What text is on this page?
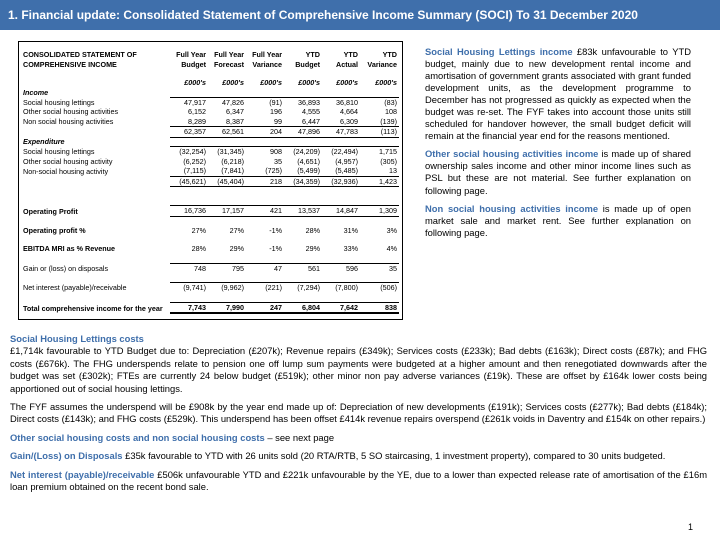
1. Financial update: Consolidated Statement of Comprehensive Income Summary (SOCI) To 31 December 2020
CONSOLIDATED STATEMENT OF	Full Year	Full Year	Full Year	YTD	YTD	YTD
COMPREHENSIVE INCOME	Budget	Forecast	Variance	Budget	Actual	Variance

	£000's	£000's	£000's	£000's	£000's	£000's
Income						
Social housing lettings	47,917	47,826	(91)	36,893	36,810	(83)
Other social housing activities	6,152	6,347	196	4,555	4,664	108
Non social housing activities	8,289	8,387	99	6,447	6,309	(139)
	62,357	62,561	204	47,896	47,783	(113)
Expenditure						
Social housing lettings	(32,254)	(31,345)	908	(24,209)	(22,494)	1,715
Other social housing activity	(6,252)	(6,218)	35	(4,651)	(4,957)	(305)
Non-social housing activity	(7,115)	(7,841)	(725)	(5,499)	(5,485)	13
	(45,621)	(45,404)	218	(34,359)	(32,936)	1,423

Operating Profit	16,736	17,157	421	13,537	14,847	1,309

Operating profit %	27%	27%	-1%	28%	31%	3%

EBITDA MRI as % Revenue	28%	29%	-1%	29%	33%	4%

Gain or (loss) on disposals	748	795	47	561	596	35

Net interest (payable)/receivable	(9,741)	(9,962)	(221)	(7,294)	(7,800)	(506)

Total comprehensive income for the year	7,743	7,990	247	6,804	7,642	838

Social Housing Lettings income £83k unfavourable to YTD budget, mainly due to new development rental income and amortisation of government grants associated with grant funded development units, as the development programme to December has not progressed as quickly as expected when the budget was re-set. The FYF takes into account those units still scheduled for handover however, the small budget deficit will remain at the financial year end for the reasons mentioned.

Other social housing activities income is made up of shared ownership sales income and other minor income lines such as PSL but these are not material. See further explanation on following page.

Non social housing activities income is made up of open market sale and market rent. See further explanation on following page.

Social Housing Lettings costs

£1,714k favourable to YTD Budget due to: Depreciation (£207k); Revenue repairs (£349k); Services costs (£233k); Bad debts (£163k); Direct costs (£87k); and FHG costs (£676k). The FHG underspends relate to pension one off lump sum payments were budgeted at a higher amount and then renegotiated downwards after the budget was set (£302k); FTEs are currently 24 below budget (£519k); other minor non pay adverse variances (£19k). These are offset by £164k lower costs being apportioned out of social housing lettings.

The FYF assumes the underspend will be £908k by the year end made up of: Depreciation of new developments (£191k); Services costs (£277k); Bad debts (£184k); Direct costs (£143k); and FHG costs (£529k). This underspend has been offset £414k revenue repairs overspend (£261k voids in Daventry and £154k on other repairs.)

Other social housing costs and non social housing costs – see next page

Gain/(Loss) on Disposals £35k favourable to YTD with 26 units sold (20 RTA/RTB, 5 SO staircasing, 1 investment property), compared to 30 units budgeted.

Net interest (payable)/receivable £506k unfavourable YTD and £221k unfavourable by the YE, due to a lower than expected release rate of amortisation of the £16m loan premium obtained on the recent bond sale.

1
